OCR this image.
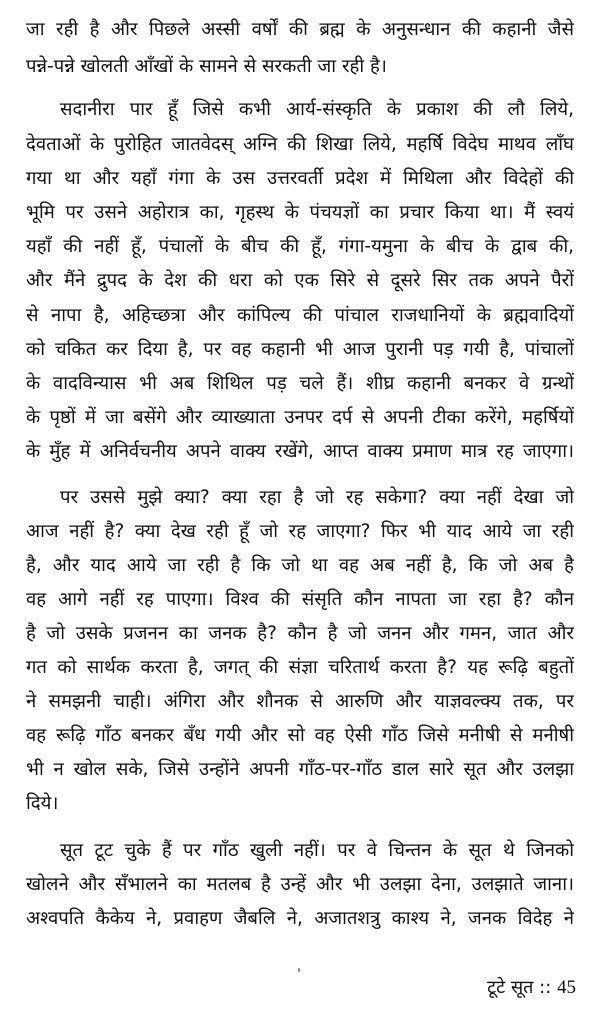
जा रही है और पिछले अस्सी वर्षों की ब्रह्म के अनुसन्धान की कहानी जैसे
पन्ने-पन्ने खोलती आँखों के सामने से सरकती जा रही है।
सदानीरा पार हूँ जिसे कभी आर्य-संस्कृति के प्रकाश की लौ लिये,
देवताओं के पुरोहित जातवेदस् अग्नि की शिखा लिये, महर्षि विदेघ माथव लाँघ
गया था और यहाँ गंगा के उस उत्तरवर्ती प्रदेश में मिथिला और विदेहों की
भूमि पर उसने अहोरात्र का, गृहस्थ के पंचयज्ञों का प्रचार किया था। मैं स्वयं
यहाँ की नहीं हूँ, पंचालों के बीच की हूँ, गंगा-यमुना के बीच के द्वाब की,
और मैंने द्रुपद के देश की धरा को एक सिरे से दूसरे सिर तक अपने पैरों
से नापा है, अहिच्छत्रा और कांपिल्य की पांचाल राजधानियों के ब्रह्मवादियों
को चकित कर दिया है, पर वह कहानी भी आज पुरानी पड़ गयी है, पांचालों
के वादविन्यास भी अब शिथिल पड़ चले हैं। शीघ्र कहानी बनकर वे ग्रन्थों
के पृष्ठों में जा बसेंगे और व्याख्याता उनपर दर्प से अपनी टीका करेंगे, महर्षियों
के मुँह में अनिर्वचनीय अपने वाक्य रखेंगे, आप्त वाक्य प्रमाण मात्र रह जाएगा।
पर उससे मुझे क्या? क्या रहा है जो रह सकेगा? क्या नहीं देखा जो
आज नहीं है? क्या देख रही हूँ जो रह जाएगा? फिर भी याद आये जा रही
है, और याद आये जा रही है कि जो था वह अब नहीं है, कि जो अब है
वह आगे नहीं रह पाएगा। विश्व की संसृति कौन नापता जा रहा है? कौन
है जो उसके प्रजनन का जनक है? कौन है जो जनन और गमन, जात और
गत को सार्थक करता है, जगत् की संज्ञा चरितार्थ करता है? यह रूढ़ि बहुतों
ने समझनी चाही। अंगिरा और शौनक से आरुणि और याज्ञवल्क्य तक, पर
वह रूढ़ि गाँठ बनकर बँध गयी और सो वह ऐसी गाँठ जिसे मनीषी से मनीषी
भी न खोल सके, जिसे उन्होंने अपनी गाँठ-पर-गाँठ डाल सारे सूत और उलझा
दिये।
सूत टूट चुके हैं पर गाँठ खुली नहीं। पर वे चिन्तन के सूत थे जिनको
खोलने और सँभालने का मतलब है उन्हें और भी उलझा देना, उलझाते जाना।
अश्वपति कैकेय ने, प्रवाहण जैबलि ने, अजातशत्रु काश्य ने, जनक विदेह ने
टूटे सूत :: 45
